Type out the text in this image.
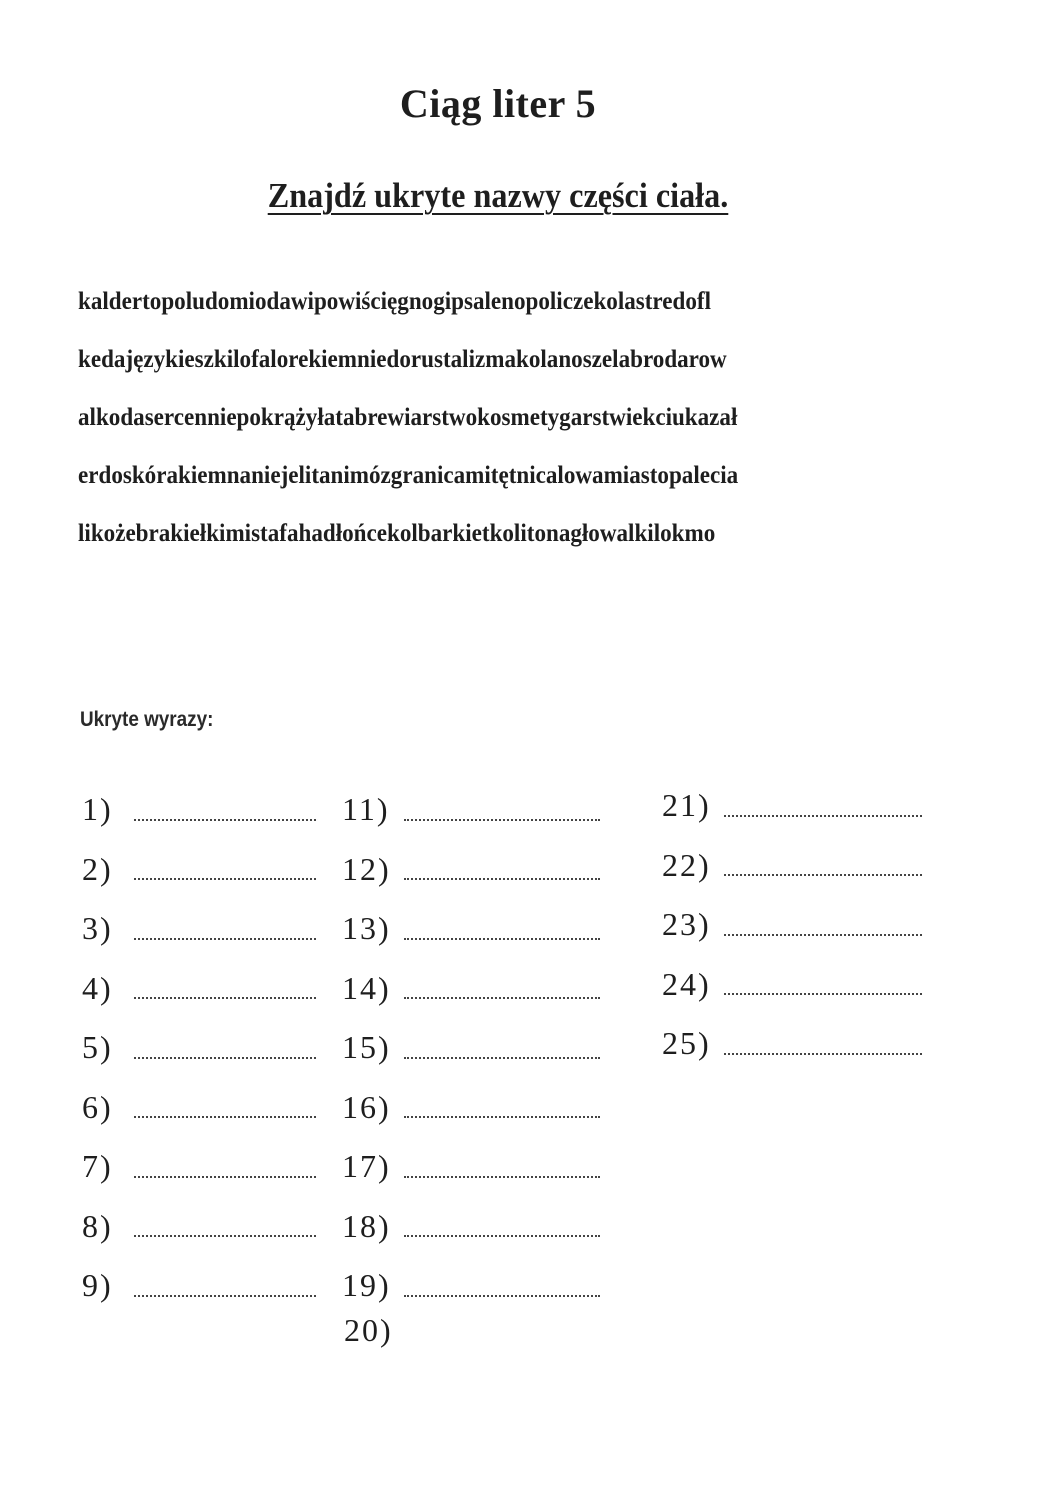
Ciąg liter 5
Znajdź ukryte nazwy części ciała.
kaldertopoludomiodawipowiścięgnogipsalenopoliczekolastredofl
kedajęzykieszkilofalorekiemniedorustalizmakolanoszelabrodarow
alkodasercenniepokrążyłatabrewiarstwokosmetygarstwiekciukazał
erdoskórakiemnaniejelitanimózgranicamitętnicalowamiastopalecia
likożebrakiełkimistafahadłońcekolbarkietkolitonagłowalkilokmo
Ukryte wyrazy:
1)
2)
3)
4)
5)
6)
7)
8)
9)
11)
12)
13)
14)
15)
16)
17)
18)
19)
21)
22)
23)
24)
25)
20)
